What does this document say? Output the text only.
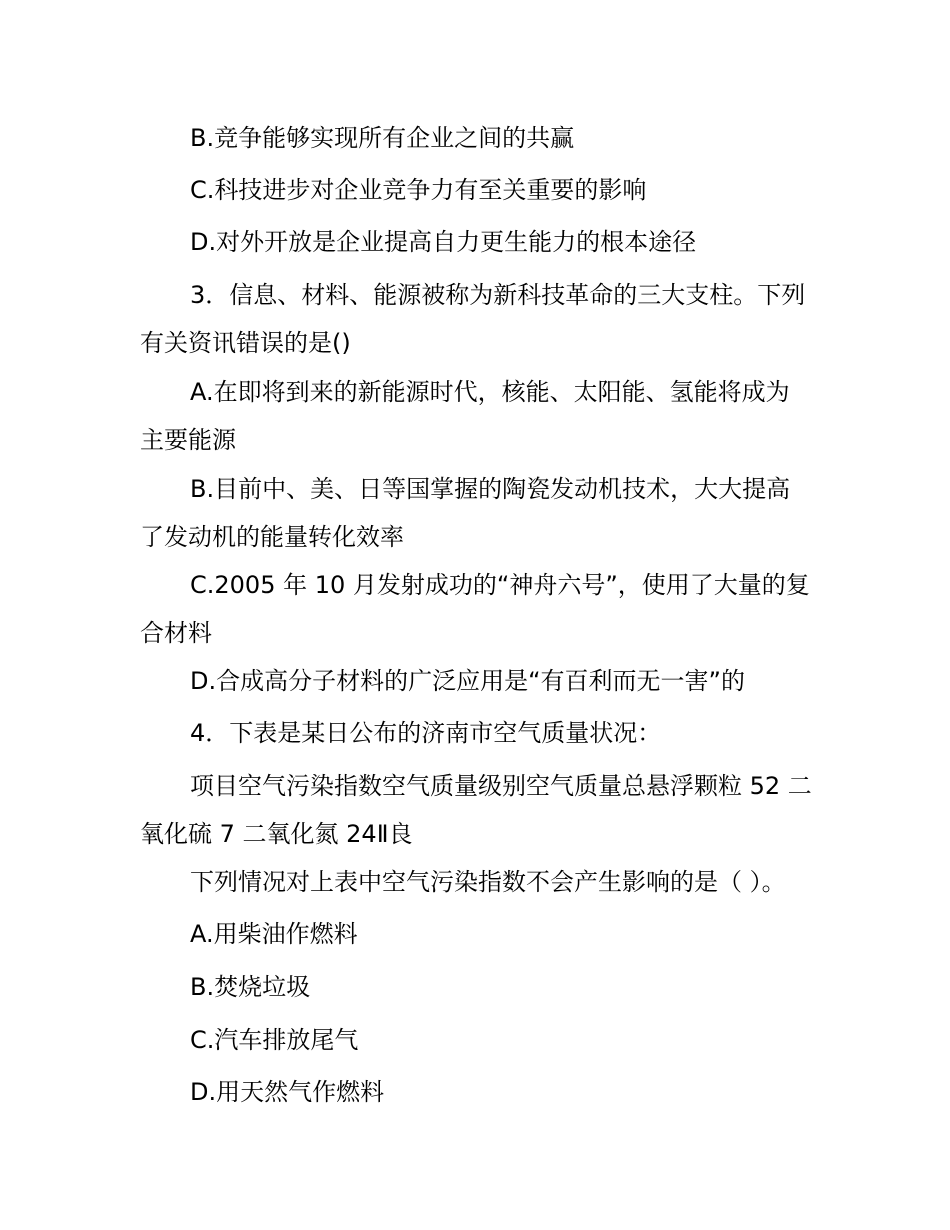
B.竞争能够实现所有企业之间的共赢

C.科技进步对企业竞争力有至关重要的影响

D.对外开放是企业提高自力更生能力的根本途径

3．信息、材料、能源被称为新科技革命的三大支柱。下列有关资讯错误的是()

A.在即将到来的新能源时代，核能、太阳能、氢能将成为主要能源

B.目前中、美、日等国掌握的陶瓷发动机技术，大大提高了发动机的能量转化效率

C.2005 年 10 月发射成功的“神舟六号”，使用了大量的复合材料

D.合成高分子材料的广泛应用是“有百利而无一害”的

4．下表是某日公布的济南市空气质量状况：

项目空气污染指数空气质量级别空气质量总悬浮颗粒 52 二氧化硫 7 二氧化氮 24Ⅱ良

下列情况对上表中空气污染指数不会产生影响的是（ ）。

A.用柴油作燃料

B.焚烧垃圾

C.汽车排放尾气

D.用天然气作燃料
